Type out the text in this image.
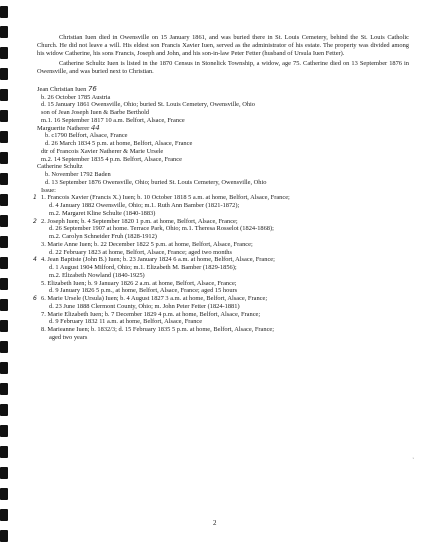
Christian Iuen died in Owensville on 15 January 1861, and was buried there in St. Louis Cemetery, behind the St. Louis Catholic Church. He did not leave a will. His eldest son Francis Xavier Iuen, served as the administrator of his estate. The property was divided among his widow Catherine, his sons Francis, Joseph and John, and his son-in-law Peter Fetter (husband of Ursula Iuen Fetter).

Catherine Schultz Iuen is listed in the 1870 Census in Stonelick Township, a widow, age 75. Catherine died on 13 September 1876 in Owensville, and was buried next to Christian.

Jean Christian Iuen 76
b. 26 October 1785 Austria
d. 15 January 1861 Owensville, Ohio; buried St. Louis Cemetery, Owensville, Ohio
son of Jean Joseph Iuen & Barbe Berthold
m.1. 16 September 1817 10 a.m. Belfort, Alsace, France
Marguerite Natherer 44
b. c1790 Belfort, Alsace, France
d. 26 March 1834 5 p.m. at home, Belfort, Alsace, France
dtr of Francois Xavier Natherer & Marie Ursele
m.2. 14 September 1835 4 p.m. Belfort, Alsace, France
Catherine Schultz
b. November 1792 Baden
d. 13 September 1876 Owensville, Ohio; buried St. Louis Cemetery, Owensville, Ohio
Issue:
1 1. Francois Xavier (Francis X.) Iuen; b. 10 October 1818 5 a.m. at home, Belfort, Alsace, France;
d. 4 January 1882 Owensville, Ohio; m.1. Ruth Ann Bamber (1821-1872);
m.2. Margaret Kline Schulte (1840-1883)
2 2. Joseph Iuen; b. 4 September 1820 1 p.m. at home, Belfort, Alsace, France;
d. 26 September 1907 at home. Terrace Park, Ohio; m.1. Theresa Rosselot (1824-1868);
m.2. Carolyn Schneider Fruh (1828-1912)
3. Marie Anne Iuen; b. 22 December 1822 5 p.m. at home, Belfort, Alsace, France;
d. 22 February 1823 at home, Belfort, Alsace, France; aged two months
4 4. Jean Baptiste (John B.) Iuen; b. 23 January 1824 6 a.m. at home, Belfort, Alsace, France;
d. 1 August 1904 Milford, Ohio; m.1. Elizabeth M. Bamber (1829-1856);
m.2. Elizabeth Nowland (1840-1925)
5. Elizabeth Iuen; b. 9 January 1826 2 a.m. at home, Belfort, Alsace, France;
d. 9 January 1826 5 p.m., at home, Belfort, Alsace, France; aged 15 hours
6 6. Marie Ursele (Ursula) Iuen; b. 4 August 1827 3 a.m. at home, Belfort, Alsace, France;
d. 23 June 1888 Clermont County, Ohio; m. John Peter Fetter (1824-1881)
7. Marie Elizabeth Iuen; b. 7 December 1829 4 p.m. at home, Belfort, Alsace, France;
d. 9 February 1832 11 a.m. at home, Belfort, Alsace, France
8. Marieanne Iuen; b. 1832/3; d. 15 February 1835 5 p.m. at home, Belfort, Alsace, France;
aged two years
ʾ
2
